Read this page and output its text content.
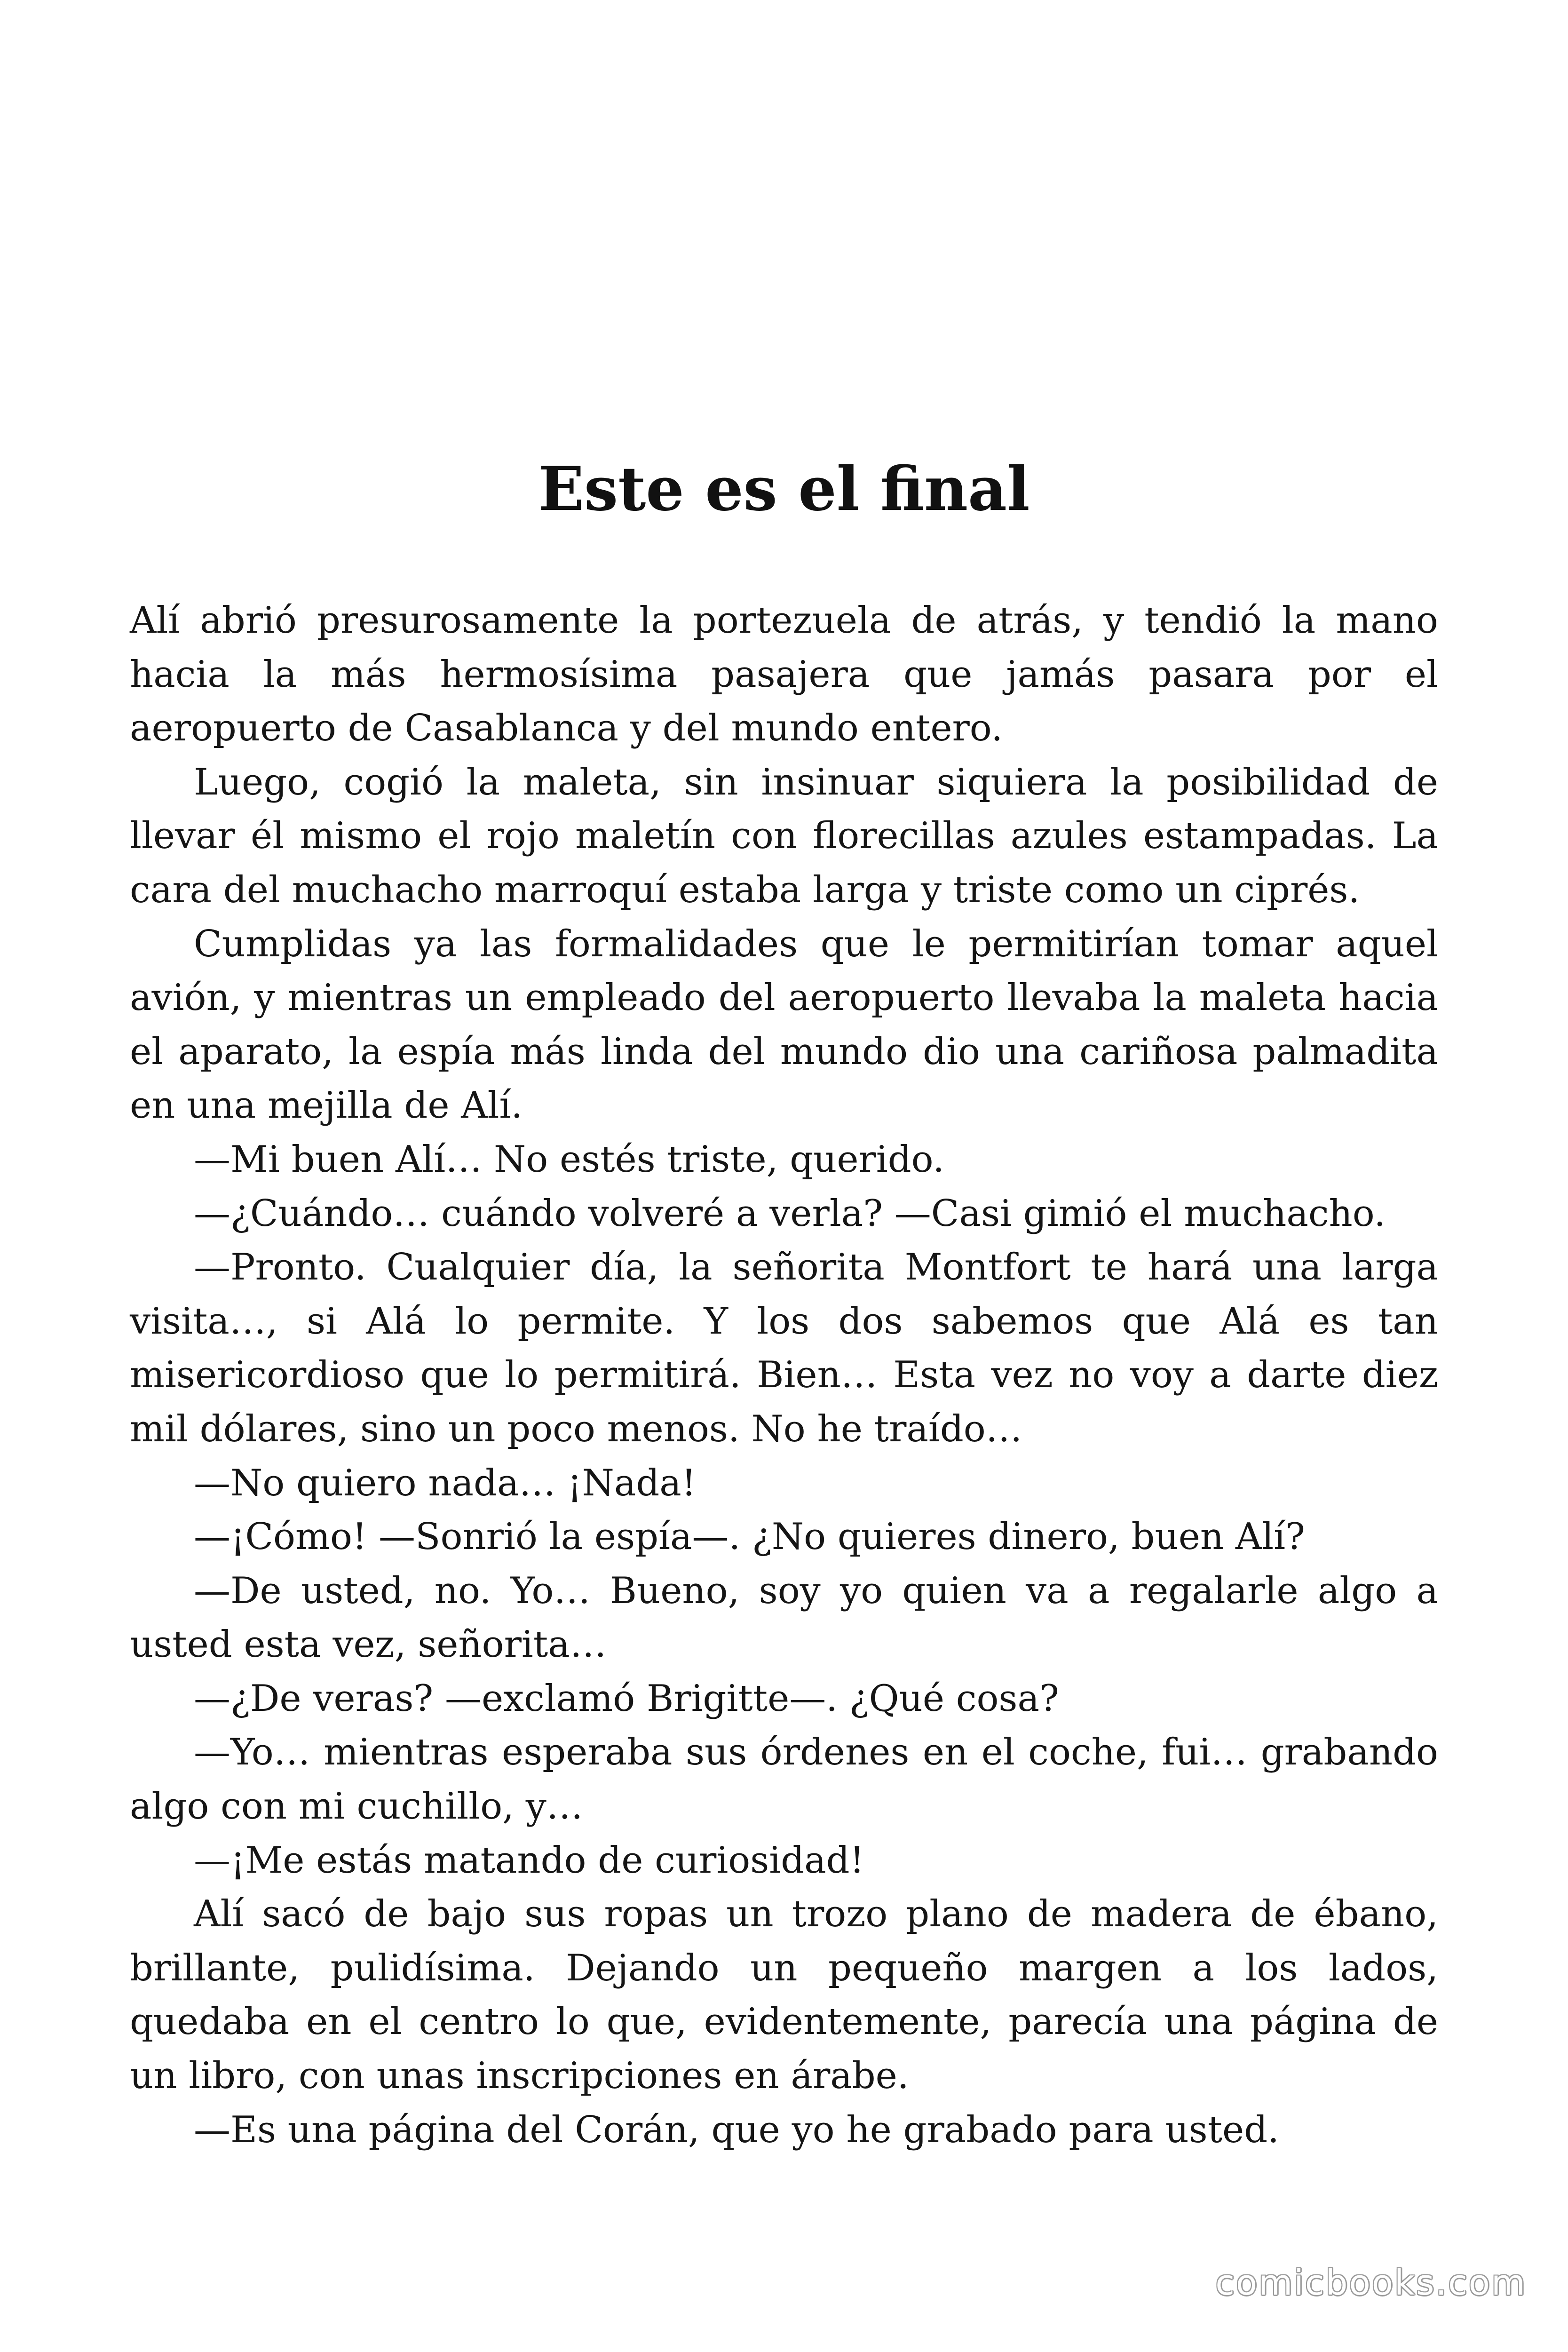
Este es el final

Alí abrió presurosamente la portezuela de atrás, y tendió la mano hacia la más hermosísima pasajera que jamás pasara por el aeropuerto de Casablanca y del mundo entero.

Luego, cogió la maleta, sin insinuar siquiera la posibilidad de llevar él mismo el rojo maletín con florecillas azules estampadas. La cara del muchacho marroquí estaba larga y triste como un ciprés.

Cumplidas ya las formalidades que le permitirían tomar aquel avión, y mientras un empleado del aeropuerto llevaba la maleta hacia el aparato, la espía más linda del mundo dio una cariñosa palmadita en una mejilla de Alí.

—Mi buen Alí… No estés triste, querido.

—¿Cuándo… cuándo volveré a verla? —Casi gimió el muchacho.

—Pronto. Cualquier día, la señorita Montfort te hará una larga visita…, si Alá lo permite. Y los dos sabemos que Alá es tan misericordioso que lo permitirá. Bien… Esta vez no voy a darte diez mil dólares, sino un poco menos. No he traído…

—No quiero nada… ¡Nada!

—¡Cómo! —Sonrió la espía—. ¿No quieres dinero, buen Alí?

—De usted, no. Yo… Bueno, soy yo quien va a regalarle algo a usted esta vez, señorita…

—¿De veras? —exclamó Brigitte—. ¿Qué cosa?

—Yo… mientras esperaba sus órdenes en el coche, fui… grabando algo con mi cuchillo, y…

—¡Me estás matando de curiosidad!

Alí sacó de bajo sus ropas un trozo plano de madera de ébano, brillante, pulidísima. Dejando un pequeño margen a los lados, quedaba en el centro lo que, evidentemente, parecía una página de un libro, con unas inscripciones en árabe.

—Es una página del Corán, que yo he grabado para usted.

comicbooks.com
